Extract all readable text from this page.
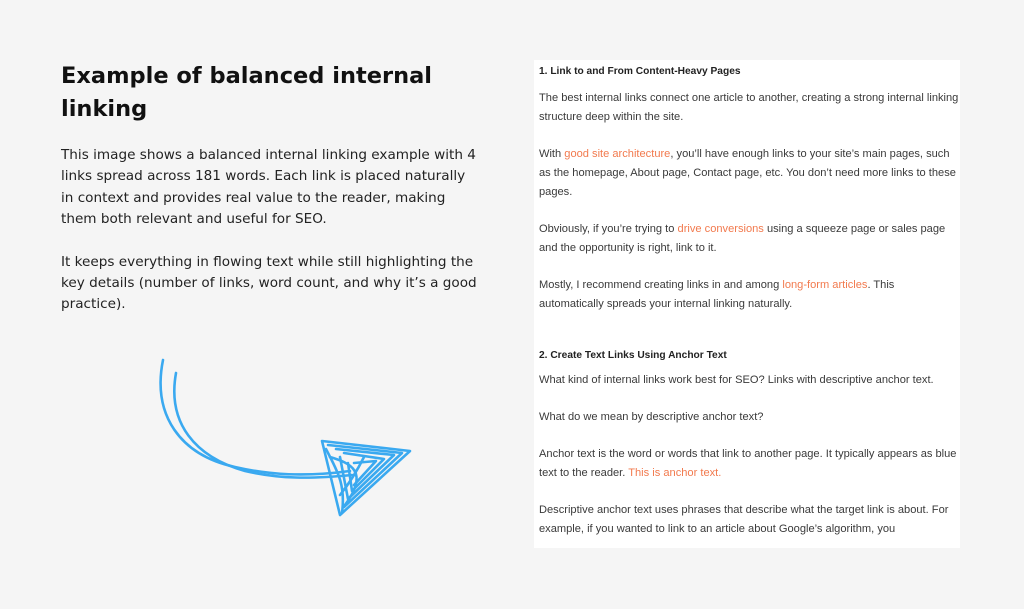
Example of balanced internal linking

This image shows a balanced internal linking example with 4 links spread across 181 words. Each link is placed naturally in context and provides real value to the reader, making them both relevant and useful for SEO.

It keeps everything in flowing text while still highlighting the key details (number of links, word count, and why it’s a good practice).

1. Link to and From Content-Heavy Pages

The best internal links connect one article to another, creating a strong internal linking structure deep within the site.

With good site architecture, you’ll have enough links to your site’s main pages, such as the homepage, About page, Contact page, etc. You don’t need more links to these pages.

Obviously, if you’re trying to drive conversions using a squeeze page or sales page and the opportunity is right, link to it.

Mostly, I recommend creating links in and among long-form articles. This automatically spreads your internal linking naturally.

2. Create Text Links Using Anchor Text

What kind of internal links work best for SEO? Links with descriptive anchor text.

What do we mean by descriptive anchor text?

Anchor text is the word or words that link to another page. It typically appears as blue text to the reader. This is anchor text.

Descriptive anchor text uses phrases that describe what the target link is about. For example, if you wanted to link to an article about Google’s algorithm, you
